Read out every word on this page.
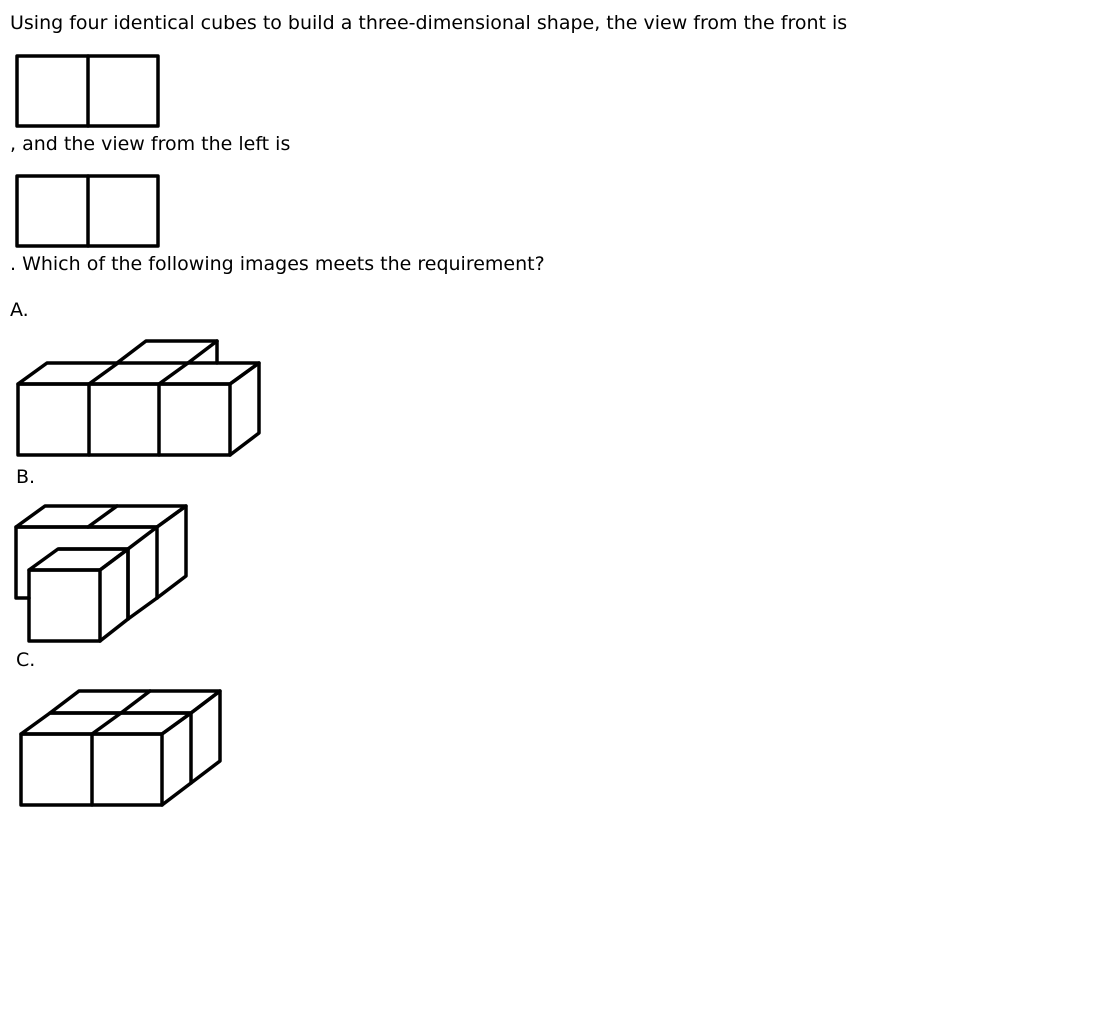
Using four identical cubes to build a three-dimensional shape, the view from the front is

, and the view from the left is

. Which of the following images meets the requirement?

A.

B.

C.
